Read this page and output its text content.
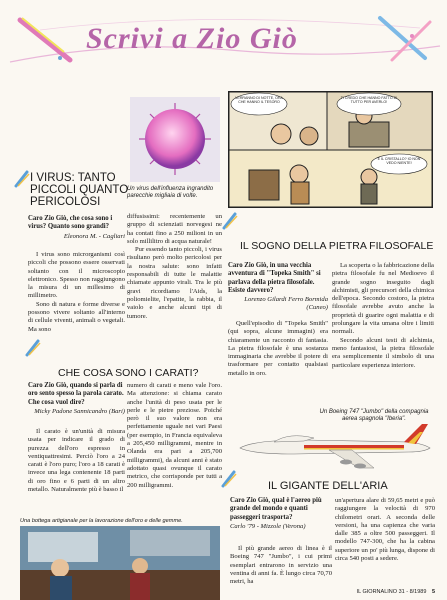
Scrivi a Zio Giò
I VIRUS: TANTO PICCOLI QUANTO PERICOLOSI
Caro Zio Giò, che cosa sono i virus? Quanto sono grandi?
Eleonora M. - Cagliari

I virus sono microrganismi così piccoli che possono essere osservati soltanto con il microscopio elettronico. Spesso non raggiungono la misura di un millesimo di millimetro.

Sono di natura e forme diverse e possono vivere soltanto all'interno di cellule viventi, animali o vegetali. Ma sono

Un virus dell'influenza ingrandito parecchie migliaia di volte.

diffusissimi: recentemente un gruppo di scienziati norvegesi ne ha contati fino a 250 milioni in un solo millilitro di acqua naturale!

Pur essendo tanto piccoli, i virus risultano però molto pericolosi per la nostra salute: sono infatti responsabili di tutte le malattie chiamate appunto virali. Tra le più gravi ricordiamo l'Aids, la poliomielite, l'epatite, la rabbia, il vaiolo e anche alcuni tipi di tumore.

VERRANNO DI NOTTE, ORA CHE HANNO IL TESORO
TI CREDO CHE HANNO FATTO DI TUTTO PER AVERLO!
E IL CRISTALLO? IO NON VEDO NIENTE!
IL SOGNO DELLA PIETRA FILOSOFALE
Caro Zio Giò, in una vecchia avventura di "Topeka Smith" si parlava della pietra filosofale. Esiste davvero?
Lorenzo Gilardi Ferro Bormida (Cuneo)

Quell'episodio di "Topeka Smith" (qui sopra, alcune immagini) era chiaramente un racconto di fantasia. La pietra filosofale è una sostanza immaginaria che avrebbe il potere di trasformare per contatto qualsiasi metallo in oro.

La scoperta o la fabbricazione della pietra filosofale fu nel Medioevo il grande sogno inseguito dagli alchimisti, gli precursori della chimica dell'epoca. Secondo costoro, la pietra filosofale avrebbe avuto anche la proprietà di guarire ogni malattia e di prolungare la vita umana oltre i limiti normali.

Secondo alcuni testi di alchimia, meno fantasiosi, la pietra filosofale era semplicemente il simbolo di una particolare esperienza interiore.

CHE COSA SONO I CARATI?
Caro Zio Giò, quando si parla di oro sento spesso la parola carato. Che cosa vuol dire?
Micky Padone Sannicandro (Bari)

Il carato è un'unità di misura usata per indicare il grado di purezza dell'oro espresso in ventiquattresimi. Perciò l'oro a 24 carati è l'oro puro; l'oro a 18 carati è invece una lega contenente 18 parti di oro fino e 6 parti di un altro metallo. Naturalmente più è basso il

numero di carati e meno vale l'oro. Ma attenzione: si chiama carato anche l'unità di peso usata per le perle e le pietre preziose. Poiché però il suo valore non era perfettamente uguale nei vari Paesi (per esempio, in Francia equivaleva a 205,450 milligrammi, mentre in Olanda era pari a 205,700 milligrammi), da alcuni anni è stato adottato quasi ovunque il carato metrico, che corrisponde per tutti a 200 milligrammi.

Una bottega artigianale per la lavorazione dell'oro e delle gemme.
Un Boeing 747 "Jumbo" della compagnia aerea spagnola "Iberia".
IL GIGANTE DELL'ARIA
Caro Zio Giò, qual è l'aereo più grande del mondo e quanti passeggeri trasporta?
Carlo '79 - Mizzole (Verona)

Il più grande aereo di linea è il Boeing 747 "Jumbo", i cui primi esemplari entrarono in servizio una ventina di anni fa. È lungo circa 70,70 metri, ha

un'apertura alare di 59,65 metri e può raggiungere la velocità di 970 chilometri orari. A seconda delle versioni, ha una capienza che varia dalle 385 a oltre 500 passeggeri. Il modello 747-300, che ha la cabina superiore un po' più lunga, dispone di circa 540 posti a sedere.

IL GIORNALINO 31 - 8/1989 5
